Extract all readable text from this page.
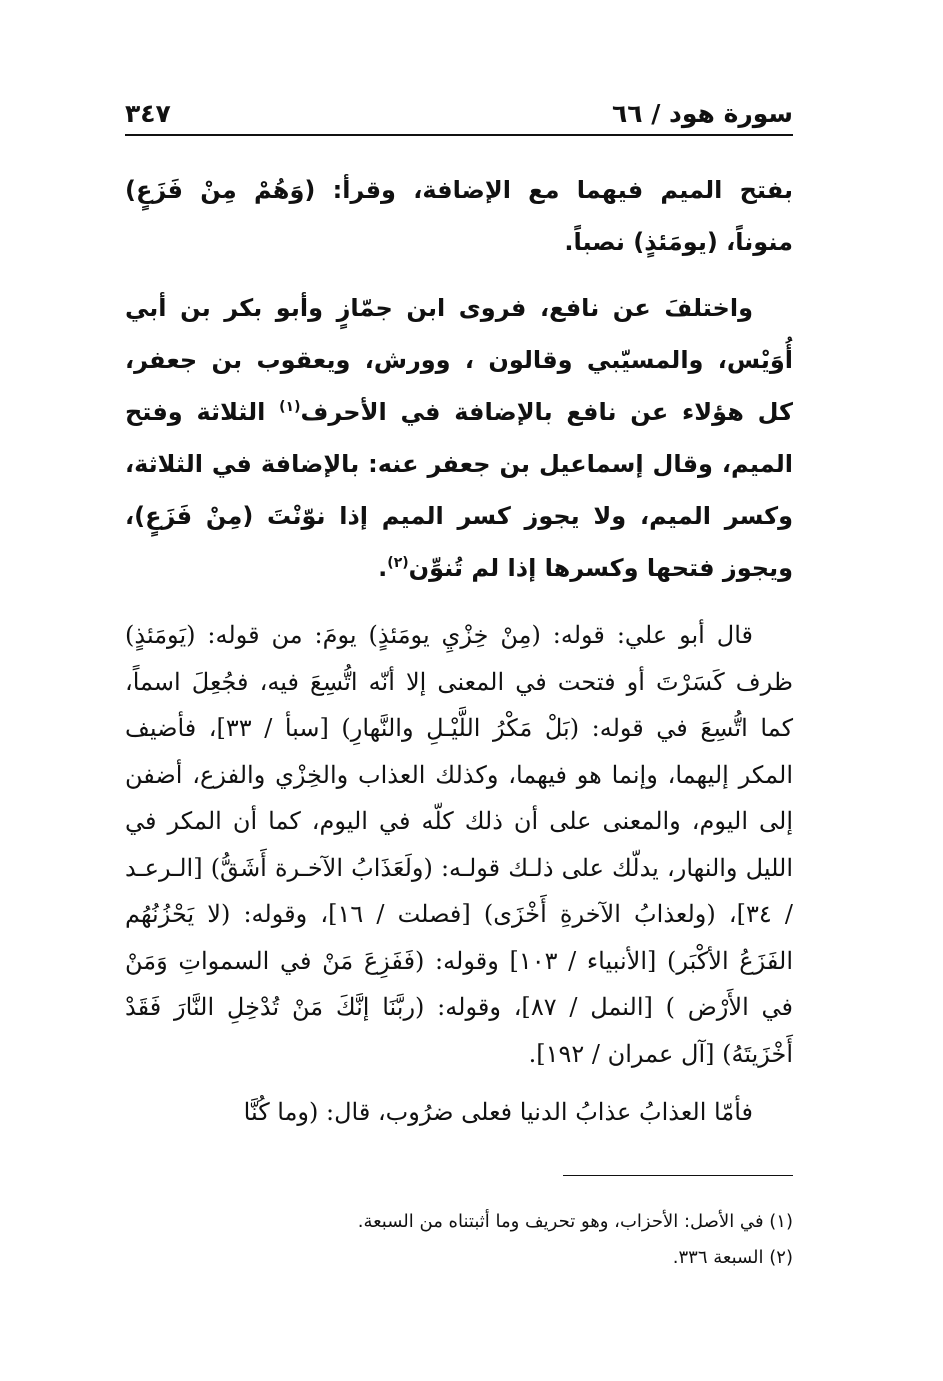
سورة هود / ٦٦
٣٤٧

بفتح الميم فيهما مع الإضافة، وقرأ: (وَهُمْ مِنْ فَزَعٍ) منوناً، (يومَئذٍ) نصباً.

واختلفَ عن نافع، فروى ابن جمّازٍ وأبو بكر بن أبي أُوَيْس، والمسيّبي وقالون ، وورش، ويعقوب بن جعفر، كل هؤلاء عن نافع بالإضافة في الأحرف$^{(١)}$ الثلاثة وفتح الميم، وقال إسماعيل بن جعفر عنه: بالإضافة في الثلاثة، وكسر الميم، ولا يجوز كسر الميم إذا نوّنْتَ (مِنْ فَزَعٍ)، ويجوز فتحها وكسرها إذا لم تُنوِّن$^{(٢)}$.

قال أبو علي: قوله: (مِنْ خِزْيِ يومَئذٍ) يومَ: من قوله: (يَومَئذٍ) ظرف كَسَرْتَ أو فتحت في المعنى إلا أنّه اتُّسِعَ فيه، فجُعِلَ اسماً، كما اتُّسِعَ في قوله: (بَلْ مَكْرُ اللَّيْـلِ والنَّهارِ) [سبأ / ٣٣]، فأضيف المكر إليهما، وإنما هو فيهما، وكذلك العذاب والخِزْي والفزع، أضفن إلى اليوم، والمعنى على أن ذلك كلّه في اليوم، كما أن المكر في الليل والنهار، يدلّك على ذلـك قولـه: (ولَعَذَابُ الآخـرة أَشَقُّ) [الـرعـد / ٣٤]، (ولعذابُ الآخرةِ أَخْزَى) [فصلت / ١٦]، وقوله: (لا يَحْزُنُهُم الفَزَعُ الأكْبَر) [الأنبياء / ١٠٣] وقوله: (فَفَزِعَ مَنْ في السمواتِ وَمَنْ في الأَرْض ) [النمل / ٨٧]، وقوله: (ربَّنَا إنَّكَ مَنْ تُدْخِلِ النَّارَ فَقَدْ أَخْزَيتَهُ) [آل عمران / ١٩٢].

فأمّا العذابُ عذابُ الدنيا فعلى ضرُوب، قال: (وما كُنَّا

(١) في الأصل: الأحزاب، وهو تحريف وما أثبتناه من السبعة.

(٢) السبعة ٣٣٦.
